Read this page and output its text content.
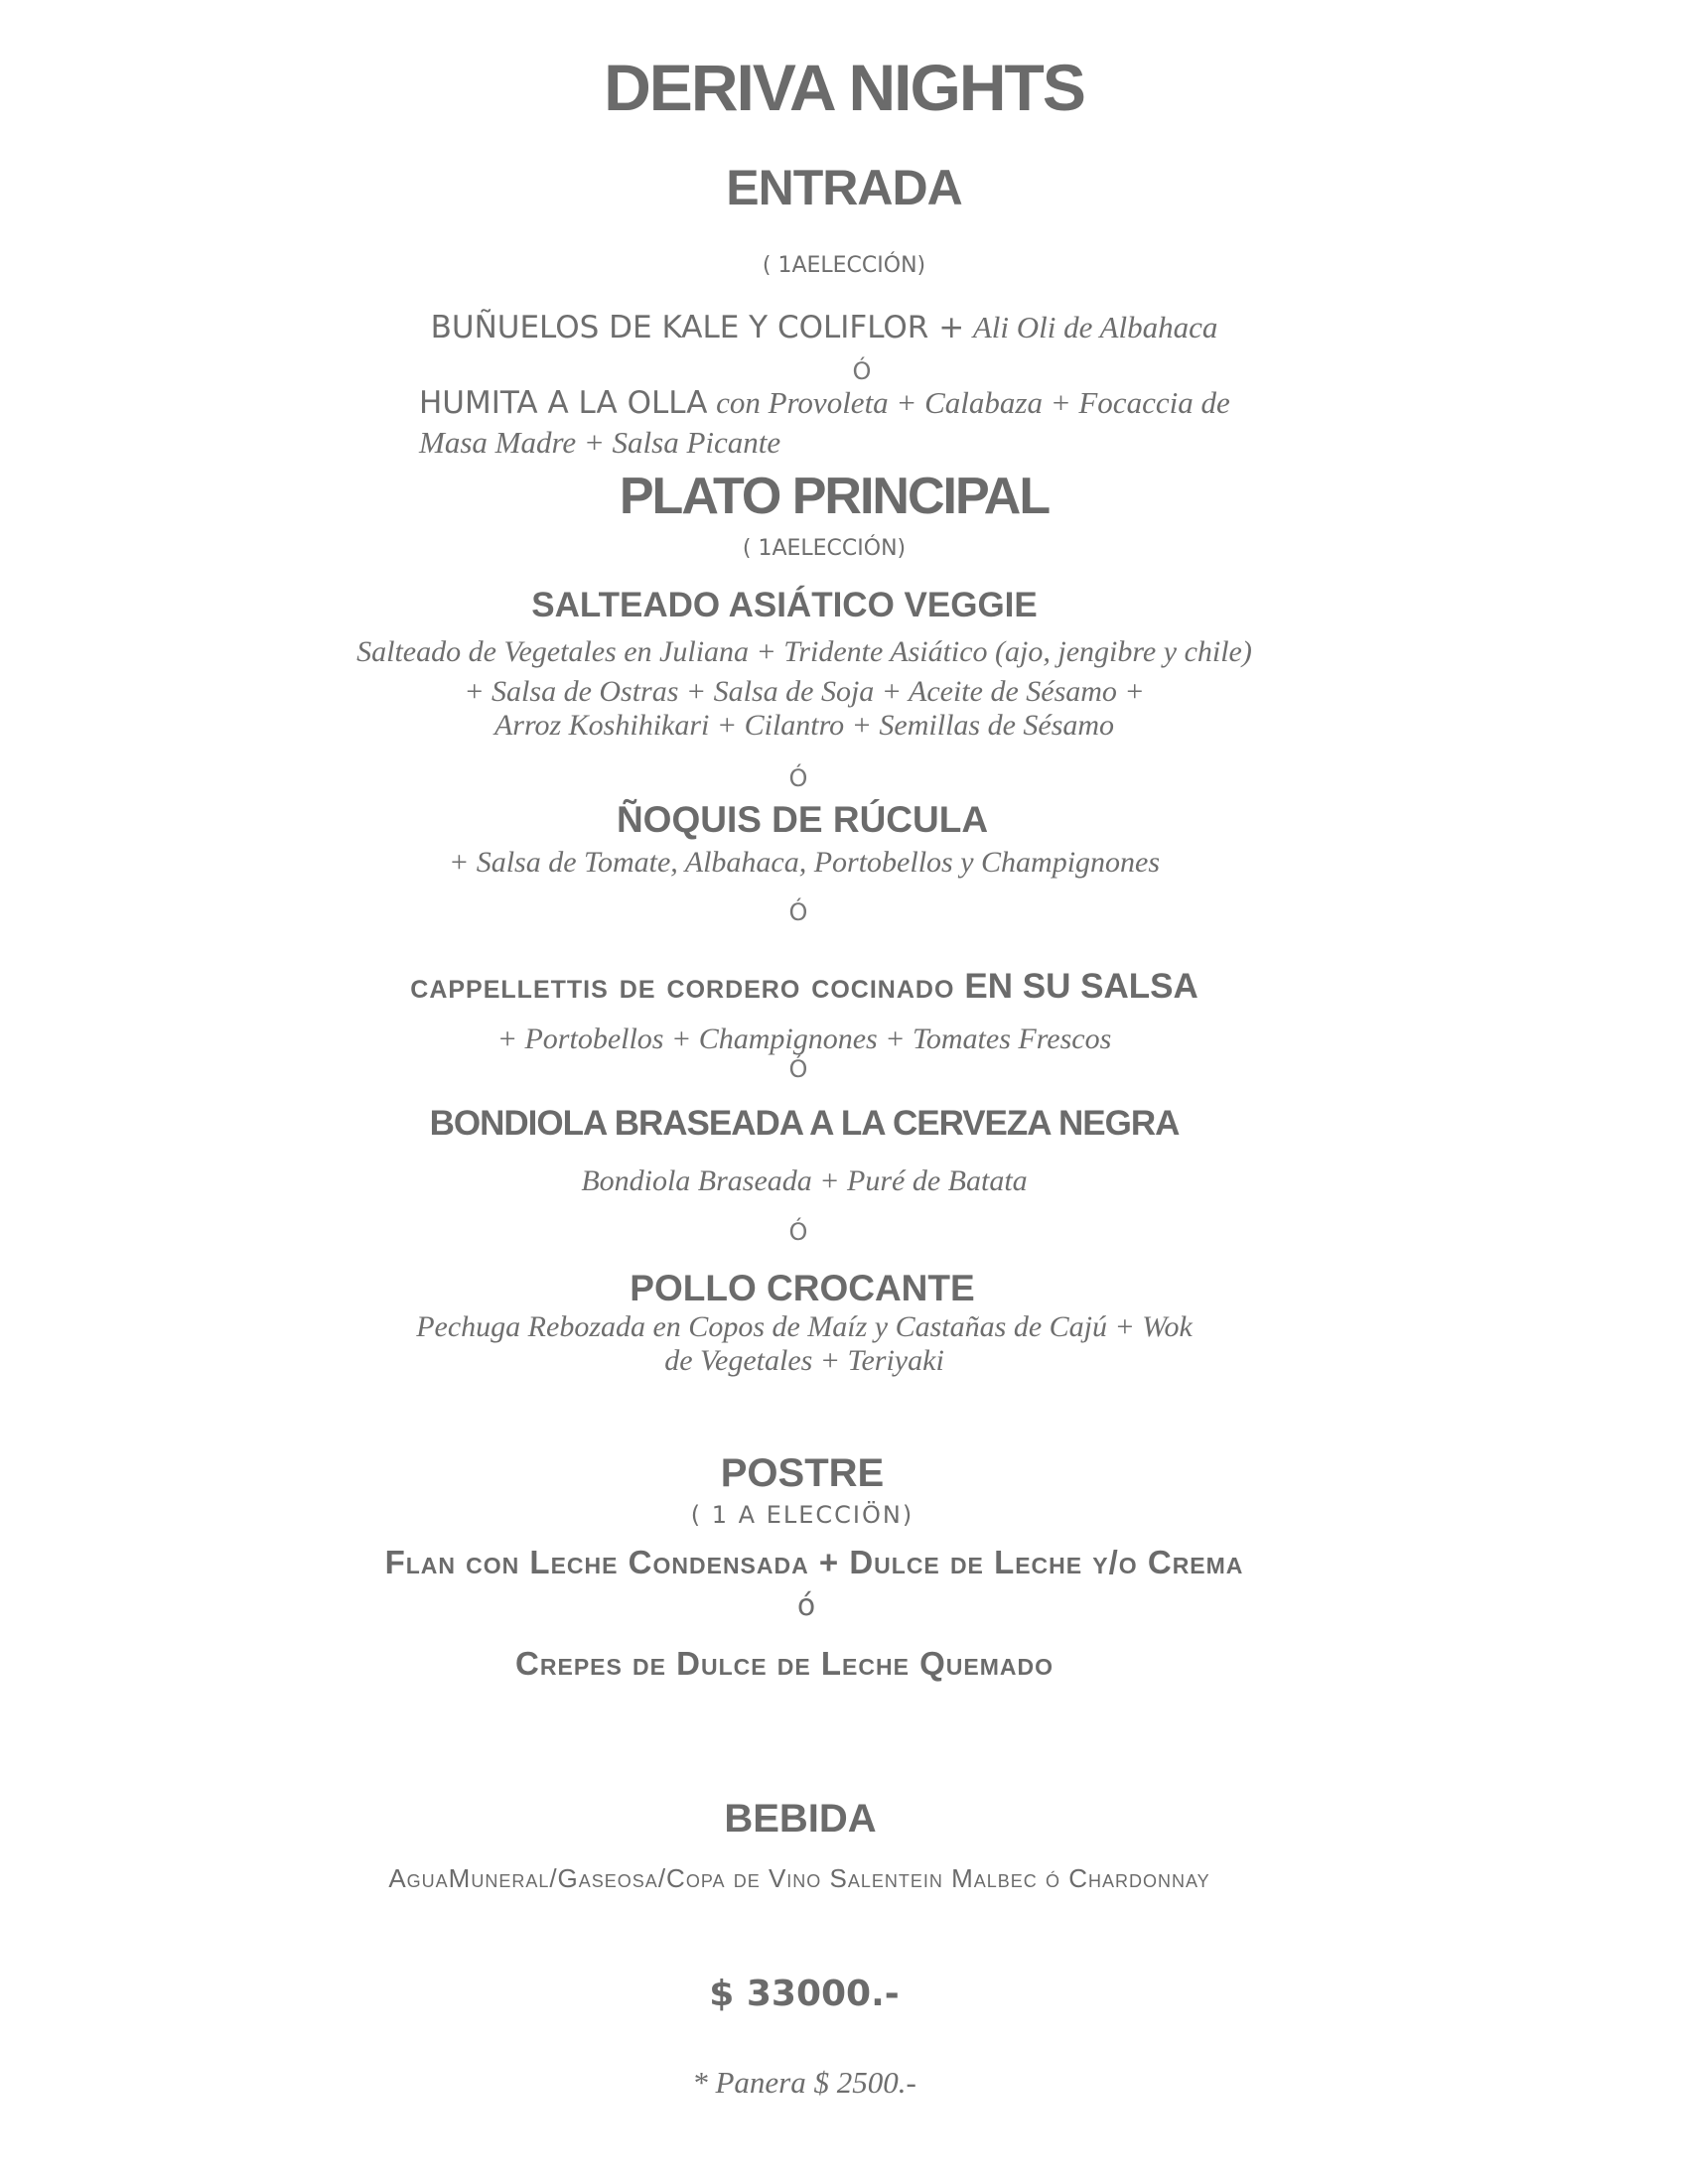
DERIVA NIGHTS
ENTRADA
( 1AELECCIÓN)
BUÑUELOS DE KALE Y COLIFLOR + Ali Oli de Albahaca
Ó
HUMITA A LA OLLA con Provoleta + Calabaza + Focaccia de
Masa Madre + Salsa Picante
PLATO PRINCIPAL
( 1AELECCIÓN)
SALTEADO ASIÁTICO VEGGIE
Salteado de Vegetales en Juliana + Tridente Asiático (ajo, jengibre y chile)
+ Salsa de Ostras + Salsa de Soja + Aceite de Sésamo +
Arroz Koshihikari + Cilantro + Semillas de Sésamo
Ó
ÑOQUIS DE RÚCULA
+ Salsa de Tomate, Albahaca, Portobellos y Champignones
Ó
cappellettis de cordero cocinado EN SU SALSA
+ Portobellos + Champignones + Tomates Frescos
Ó
BONDIOLA BRASEADA A LA CERVEZA NEGRA
Bondiola Braseada + Puré de Batata
Ó
POLLO CROCANTE
Pechuga Rebozada en Copos de Maíz y Castañas de Cajú + Wok
de Vegetales + Teriyaki
POSTRE
( 1 A ELECCIÖN)
Flan con Leche Condensada + Dulce de Leche y/o Crema
ó
Crepes de Dulce de Leche Quemado
BEBIDA
AguaMuneral/Gaseosa/Copa de Vino Salentein Malbec ó Chardonnay
$ 33000.-
* Panera $ 2500.-
